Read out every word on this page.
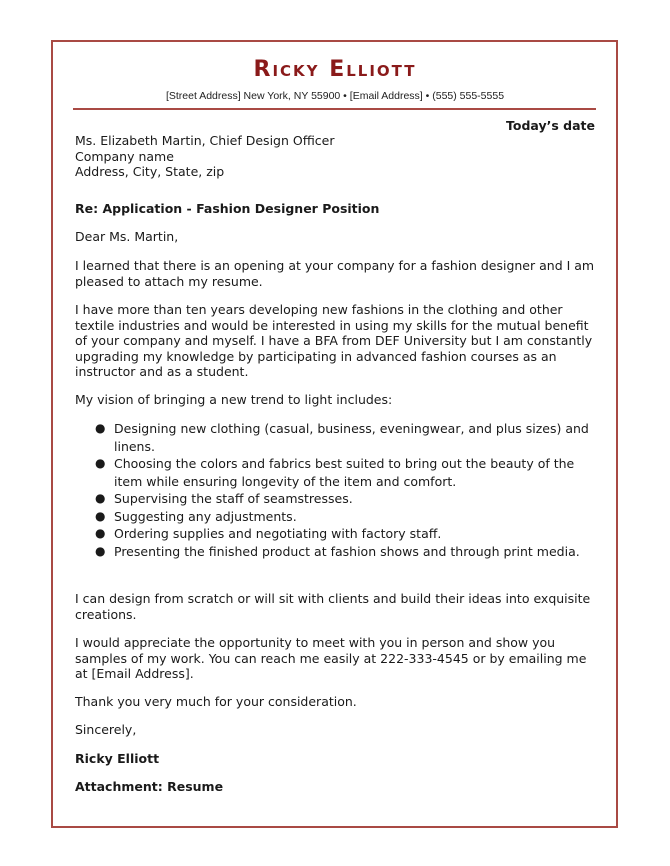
Ricky Elliott
[Street Address] New York, NY 55900 • [Email Address] • (555) 555-5555
Today’s date

Ms. Elizabeth Martin, Chief Design Officer

Company name

Address, City, State, zip

Re: Application - Fashion Designer Position
Dear Ms. Martin,
I learned that there is an opening at your company for a fashion designer and I am pleased to attach my resume.
I have more than ten years developing new fashions in the clothing and other textile industries and would be interested in using my skills for the mutual benefit of your company and myself. I have a BFA from DEF University but I am constantly upgrading my knowledge by participating in advanced fashion courses as an instructor and as a student.
My vision of bringing a new trend to light includes:
● Designing new clothing (casual, business, eveningwear, and plus sizes) and linens.
● Choosing the colors and fabrics best suited to bring out the beauty of the item while ensuring longevity of the item and comfort.
● Supervising the staff of seamstresses.
● Suggesting any adjustments.
● Ordering supplies and negotiating with factory staff.
● Presenting the finished product at fashion shows and through print media.
I can design from scratch or will sit with clients and build their ideas into exquisite creations.
I would appreciate the opportunity to meet with you in person and show you samples of my work. You can reach me easily at 222-333-4545 or by emailing me at [Email Address].
Thank you very much for your consideration.
Sincerely,
Ricky Elliott
Attachment: Resume
